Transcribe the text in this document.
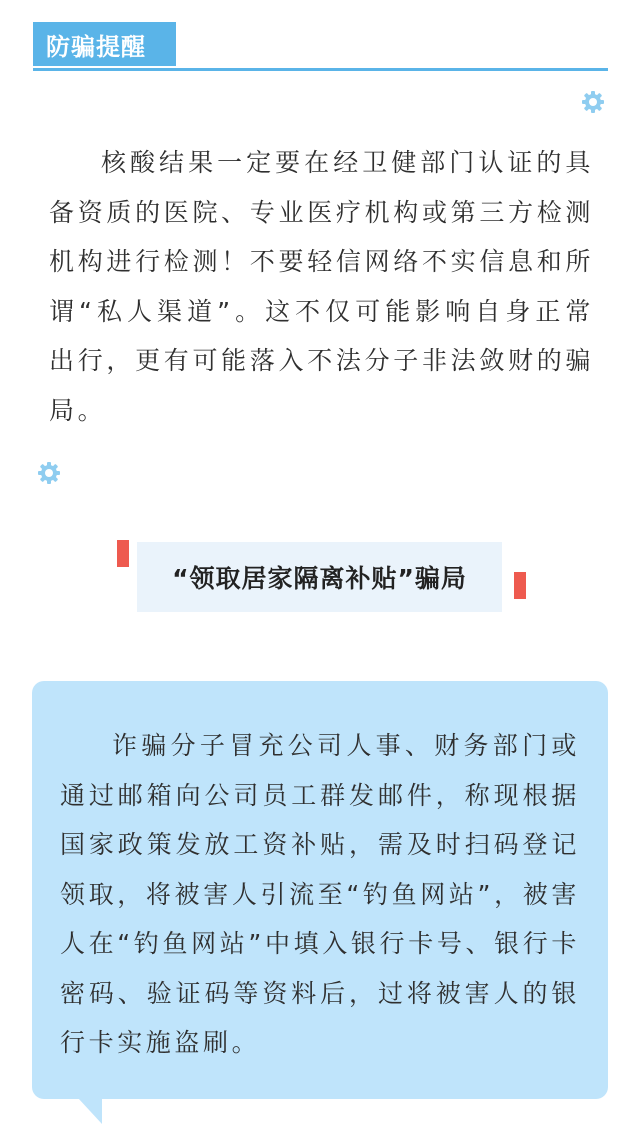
防骗提醒

核酸结果一定要在经卫健部门认证的具备资质的医院、专业医疗机构或第三方检测机构进行检测！不要轻信网络不实信息和所谓“私人渠道”。这不仅可能影响自身正常出行，更有可能落入不法分子非法敛财的骗局。

“领取居家隔离补贴”骗局

诈骗分子冒充公司人事、财务部门或通过邮箱向公司员工群发邮件，称现根据国家政策发放工资补贴，需及时扫码登记领取，将被害人引流至“钓鱼网站”，被害人在“钓鱼网站”中填入银行卡号、银行卡密码、验证码等资料后，过将被害人的银行卡实施盗刷。
